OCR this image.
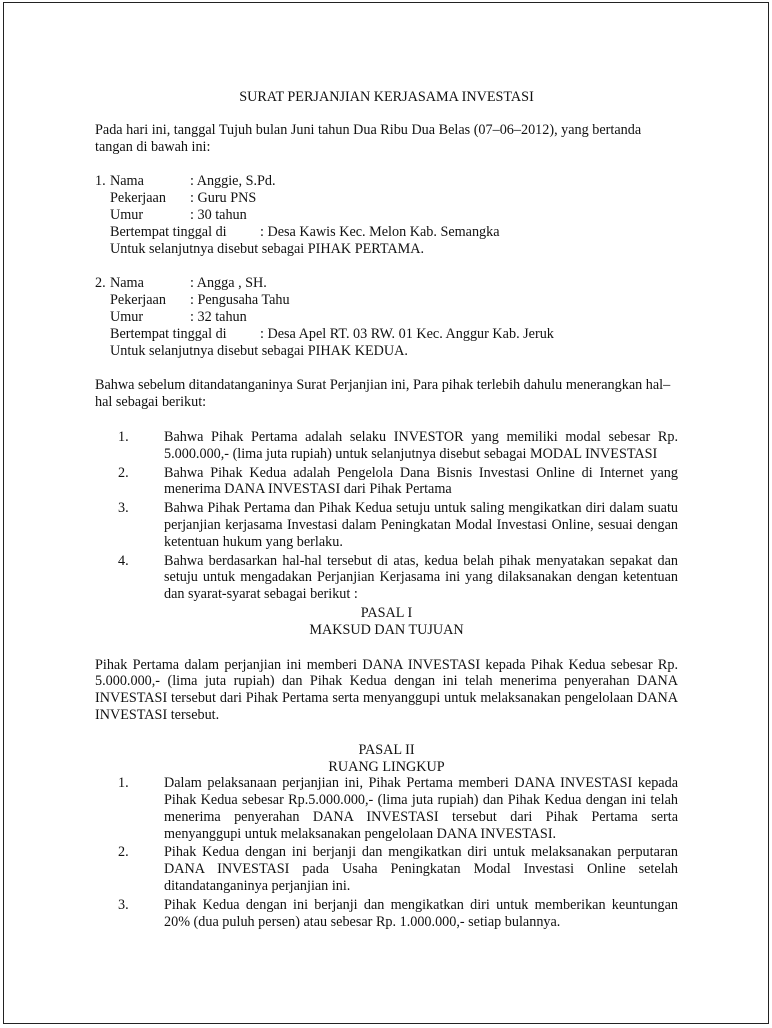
SURAT PERJANJIAN KERJASAMA INVESTASI

Pada hari ini, tanggal Tujuh bulan Juni tahun Dua Ribu Dua Belas (07–06–2012), yang bertanda tangan di bawah ini:

1. Nama	: Anggie, S.Pd.
Pekerjaan	: Guru PNS
Umur	: 30 tahun
Bertempat tinggal di	: Desa Kawis Kec. Melon Kab. Semangka
Untuk selanjutnya disebut sebagai PIHAK PERTAMA.
2. Nama	: Angga , SH.
Pekerjaan	: Pengusaha Tahu
Umur	: 32 tahun
Bertempat tinggal di	: Desa Apel RT. 03 RW. 01 Kec. Anggur Kab. Jeruk
Untuk selanjutnya disebut sebagai PIHAK KEDUA.

Bahwa sebelum ditandatanganinya Surat Perjanjian ini, Para pihak terlebih dahulu menerangkan hal–hal sebagai berikut:

1.	Bahwa Pihak Pertama adalah selaku INVESTOR yang memiliki modal sebesar Rp. 5.000.000,- (lima juta rupiah) untuk selanjutnya disebut sebagai MODAL INVESTASI
2.	Bahwa Pihak Kedua adalah Pengelola Dana Bisnis Investasi Online di Internet yang menerima DANA INVESTASI dari Pihak Pertama
3.	Bahwa Pihak Pertama dan Pihak Kedua setuju untuk saling mengikatkan diri dalam suatu perjanjian kerjasama Investasi dalam Peningkatan Modal Investasi Online, sesuai dengan ketentuan hukum yang berlaku.
4.	Bahwa berdasarkan hal-hal tersebut di atas, kedua belah pihak menyatakan sepakat dan setuju untuk mengadakan Perjanjian Kerjasama ini yang dilaksanakan dengan ketentuan dan syarat-syarat sebagai berikut :

PASAL I

MAKSUD DAN TUJUAN

Pihak Pertama dalam perjanjian ini memberi DANA INVESTASI kepada Pihak Kedua sebesar Rp. 5.000.000,- (lima juta rupiah) dan Pihak Kedua dengan ini telah menerima penyerahan DANA INVESTASI tersebut dari Pihak Pertama serta menyanggupi untuk melaksanakan pengelolaan DANA INVESTASI tersebut.

PASAL II

RUANG LINGKUP

1.	Dalam pelaksanaan perjanjian ini, Pihak Pertama memberi DANA INVESTASI kepada Pihak Kedua sebesar Rp.5.000.000,- (lima juta rupiah) dan Pihak Kedua dengan ini telah menerima penyerahan DANA INVESTASI tersebut dari Pihak Pertama serta menyanggupi untuk melaksanakan pengelolaan DANA INVESTASI.
2.	Pihak Kedua dengan ini berjanji dan mengikatkan diri untuk melaksanakan perputaran DANA INVESTASI pada Usaha Peningkatan Modal Investasi Online setelah ditandatanganinya perjanjian ini.
3.	Pihak Kedua dengan ini berjanji dan mengikatkan diri untuk memberikan keuntungan 20% (dua puluh persen) atau sebesar Rp. 1.000.000,- setiap bulannya.
